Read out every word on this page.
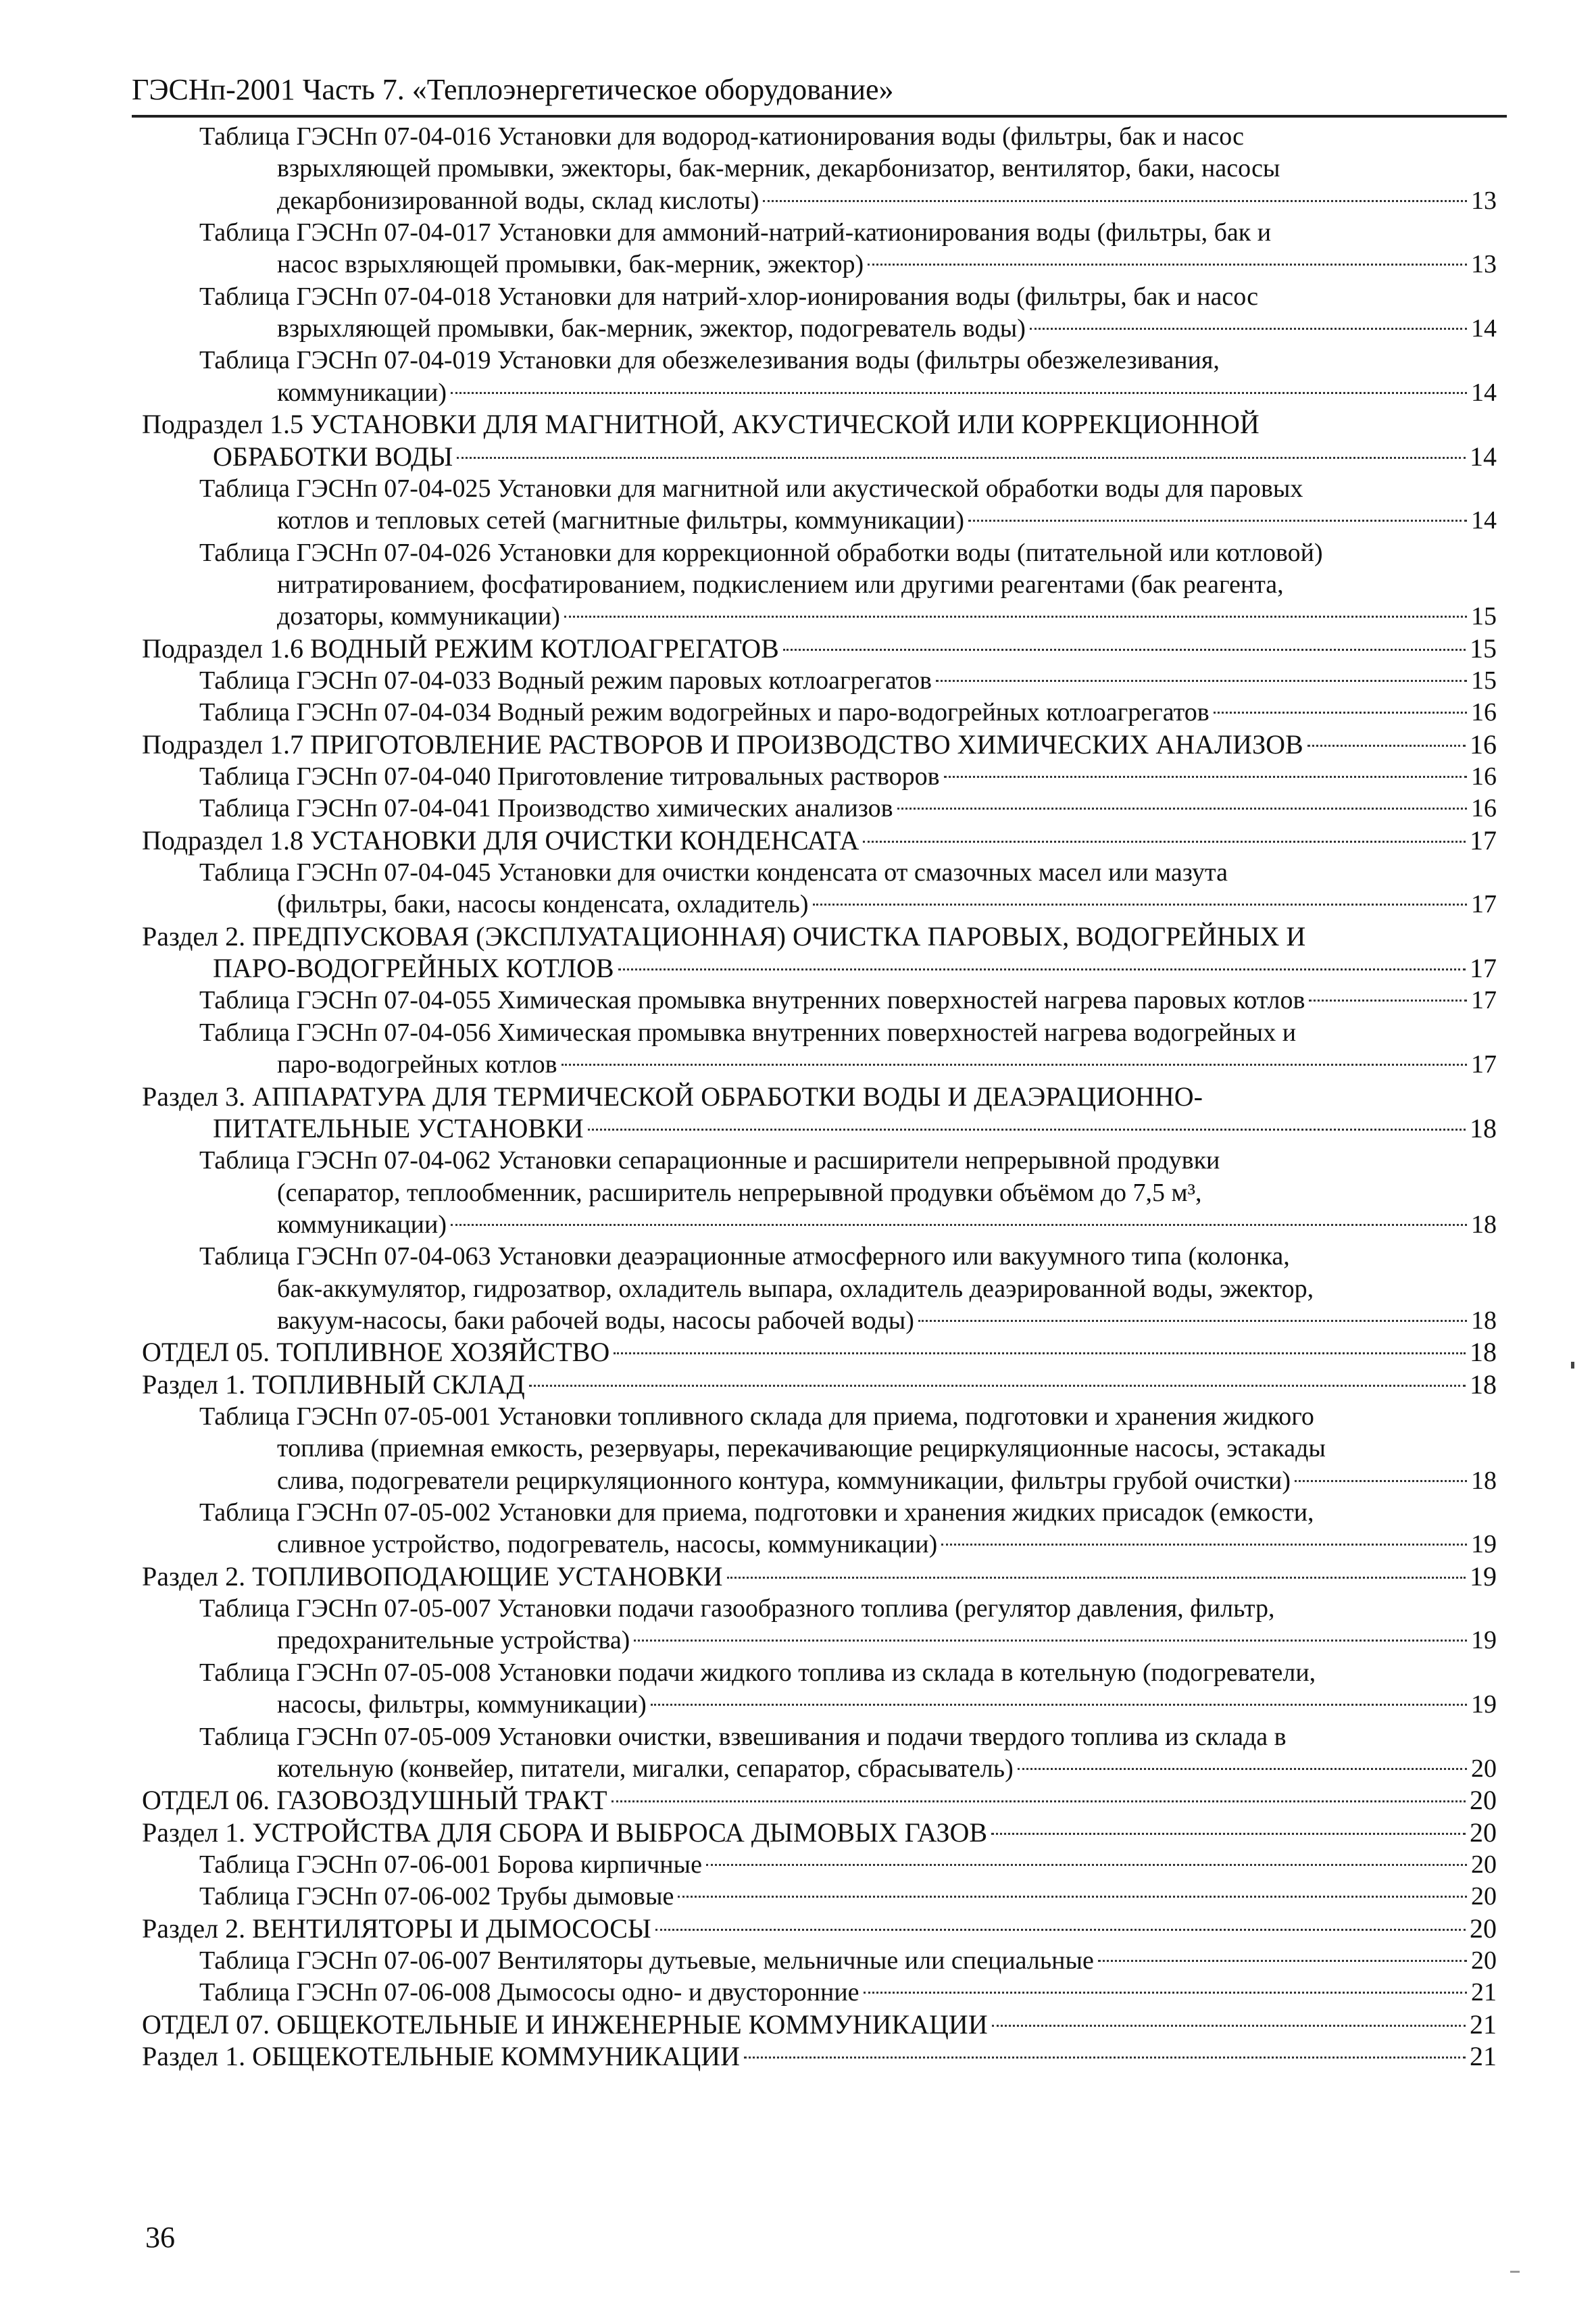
ГЭСНп-2001 Часть 7. «Теплоэнергетическое оборудование»
Таблица ГЭСНп 07-04-016 Установки для водород-катионирования воды (фильтры, бак и насос
взрыхляющей промывки, эжекторы, бак-мерник, декарбонизатор, вентилятор, баки, насосы
декарбонизированной воды, склад кислоты)	13
Таблица ГЭСНп 07-04-017 Установки для аммоний-натрий-катионирования воды (фильтры, бак и
насос взрыхляющей промывки, бак-мерник, эжектор)	13
Таблица ГЭСНп 07-04-018 Установки для натрий-хлор-ионирования воды (фильтры, бак и насос
взрыхляющей промывки, бак-мерник, эжектор, подогреватель воды)	14
Таблица ГЭСНп 07-04-019 Установки для обезжелезивания воды (фильтры обезжелезивания,
коммуникации)	14
Подраздел 1.5 УСТАНОВКИ ДЛЯ МАГНИТНОЙ, АКУСТИЧЕСКОЙ ИЛИ КОРРЕКЦИОННОЙ
ОБРАБОТКИ ВОДЫ	14
Таблица ГЭСНп 07-04-025 Установки для магнитной или акустической обработки воды для паровых
котлов и тепловых сетей (магнитные фильтры, коммуникации)	14
Таблица ГЭСНп 07-04-026 Установки для коррекционной обработки воды (питательной или котловой)
нитратированием, фосфатированием, подкислением или другими реагентами (бак реагента,
дозаторы, коммуникации)	15
Подраздел 1.6 ВОДНЫЙ РЕЖИМ КОТЛОАГРЕГАТОВ	15
Таблица ГЭСНп 07-04-033 Водный режим паровых котлоагрегатов	15
Таблица ГЭСНп 07-04-034 Водный режим водогрейных и паро-водогрейных котлоагрегатов	16
Подраздел 1.7 ПРИГОТОВЛЕНИЕ РАСТВОРОВ И ПРОИЗВОДСТВО ХИМИЧЕСКИХ АНАЛИЗОВ	16
Таблица ГЭСНп 07-04-040 Приготовление титровальных растворов	16
Таблица ГЭСНп 07-04-041 Производство химических анализов	16
Подраздел 1.8 УСТАНОВКИ ДЛЯ ОЧИСТКИ КОНДЕНСАТА	17
Таблица ГЭСНп 07-04-045 Установки для очистки конденсата от смазочных масел или мазута
(фильтры, баки, насосы конденсата, охладитель)	17
Раздел 2. ПРЕДПУСКОВАЯ (ЭКСПЛУАТАЦИОННАЯ) ОЧИСТКА ПАРОВЫХ, ВОДОГРЕЙНЫХ И
ПАРО-ВОДОГРЕЙНЫХ КОТЛОВ	17
Таблица ГЭСНп 07-04-055 Химическая промывка внутренних поверхностей нагрева паровых котлов	17
Таблица ГЭСНп 07-04-056 Химическая промывка внутренних поверхностей нагрева водогрейных и
паро-водогрейных котлов	17
Раздел 3. АППАРАТУРА ДЛЯ ТЕРМИЧЕСКОЙ ОБРАБОТКИ ВОДЫ И ДЕАЭРАЦИОННО-
ПИТАТЕЛЬНЫЕ УСТАНОВКИ	18
Таблица ГЭСНп 07-04-062 Установки сепарационные и расширители непрерывной продувки
(сепаратор, теплообменник, расширитель непрерывной продувки объёмом до 7,5 м³,
коммуникации)	18
Таблица ГЭСНп 07-04-063 Установки деаэрационные атмосферного или вакуумного типа (колонка,
бак-аккумулятор, гидрозатвор, охладитель выпара, охладитель деаэрированной воды, эжектор,
вакуум-насосы, баки рабочей воды, насосы рабочей воды)	18
ОТДЕЛ 05. ТОПЛИВНОЕ ХОЗЯЙСТВО	18
Раздел 1. ТОПЛИВНЫЙ СКЛАД	18
Таблица ГЭСНп 07-05-001 Установки топливного склада для приема, подготовки и хранения жидкого
топлива (приемная емкость, резервуары, перекачивающие рециркуляционные насосы, эстакады
слива, подогреватели рециркуляционного контура, коммуникации, фильтры грубой очистки)	18
Таблица ГЭСНп 07-05-002 Установки для приема, подготовки и хранения жидких присадок (емкости,
сливное устройство, подогреватель, насосы, коммуникации)	19
Раздел 2. ТОПЛИВОПОДАЮЩИЕ УСТАНОВКИ	19
Таблица ГЭСНп 07-05-007 Установки подачи газообразного топлива (регулятор давления, фильтр,
предохранительные устройства)	19
Таблица ГЭСНп 07-05-008 Установки подачи жидкого топлива из склада в котельную (подогреватели,
насосы, фильтры, коммуникации)	19
Таблица ГЭСНп 07-05-009 Установки очистки, взвешивания и подачи твердого топлива из склада в
котельную (конвейер, питатели, мигалки, сепаратор, сбрасыватель)	20
ОТДЕЛ 06. ГАЗОВОЗДУШНЫЙ ТРАКТ	20
Раздел 1. УСТРОЙСТВА ДЛЯ СБОРА И ВЫБРОСА ДЫМОВЫХ ГАЗОВ	20
Таблица ГЭСНп 07-06-001 Борова кирпичные	20
Таблица ГЭСНп 07-06-002 Трубы дымовые	20
Раздел 2. ВЕНТИЛЯТОРЫ И ДЫМОСОСЫ	20
Таблица ГЭСНп 07-06-007 Вентиляторы дутьевые, мельничные или специальные	20
Таблица ГЭСНп 07-06-008 Дымососы одно- и двусторонние	21
ОТДЕЛ 07. ОБЩЕКОТЕЛЬНЫЕ И ИНЖЕНЕРНЫЕ КОММУНИКАЦИИ	21
Раздел 1. ОБЩЕКОТЕЛЬНЫЕ КОММУНИКАЦИИ	21
36
